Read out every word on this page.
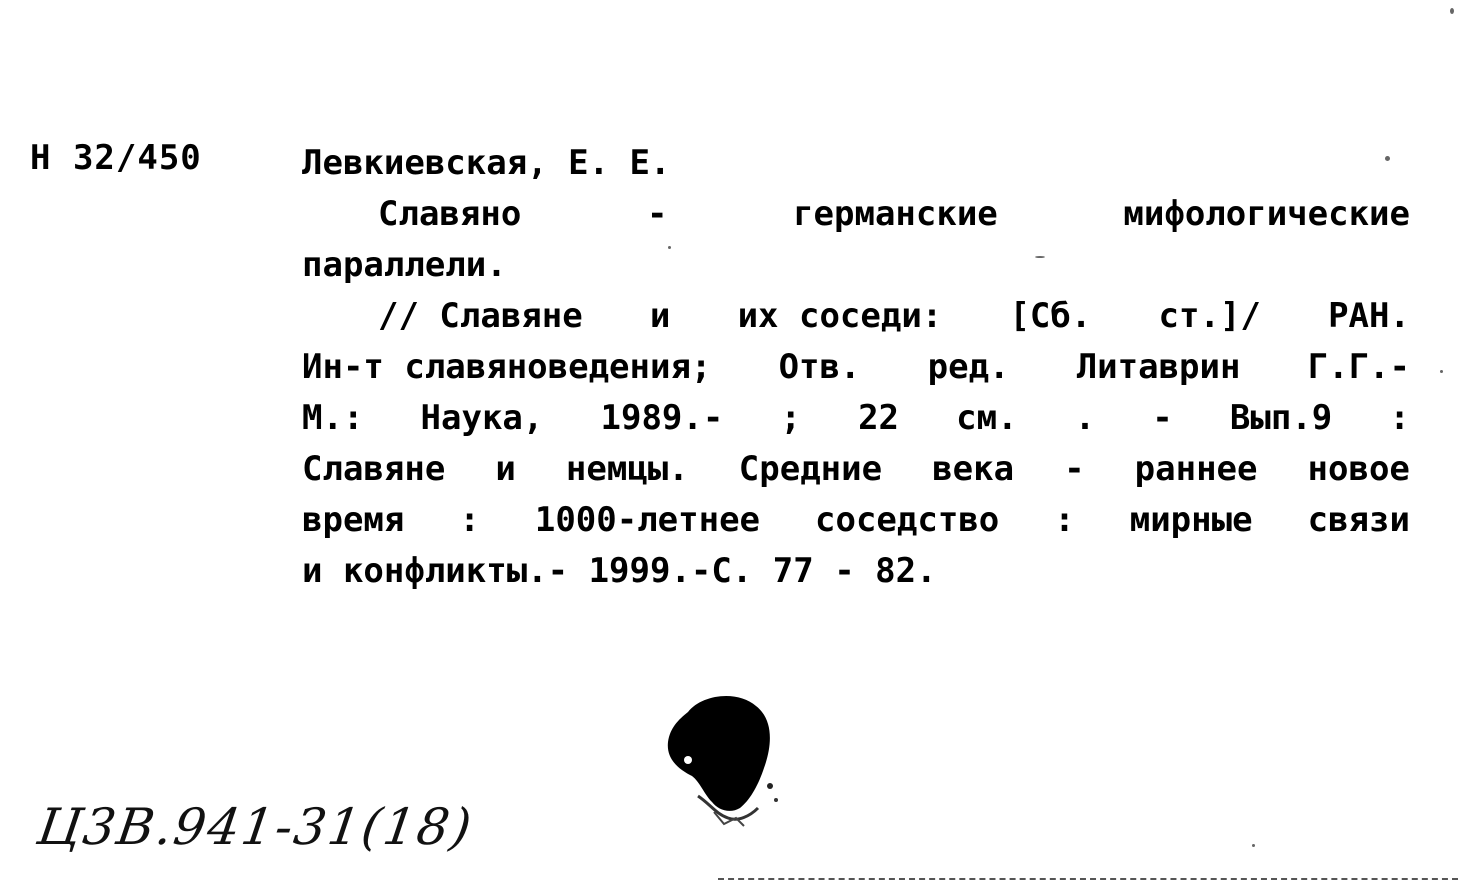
Н 32/450	Левкиевская, Е. Е.
Славяно	-	германские	мифологические
параллели.
// Славяне и их соседи: [Сб. ст.]/ РАН.
Ин-т славяноведения; Отв. ред. Литаврин Г.Г.-
М.: Наука, 1989.- ; 22 см. . - Вып.9 :
Славяне и немцы. Средние века - раннее новое
время : 1000-летнее соседство : мирные связи
и конфликты.- 1999.-С. 77 - 82.
Ц3В.941-31(18)
